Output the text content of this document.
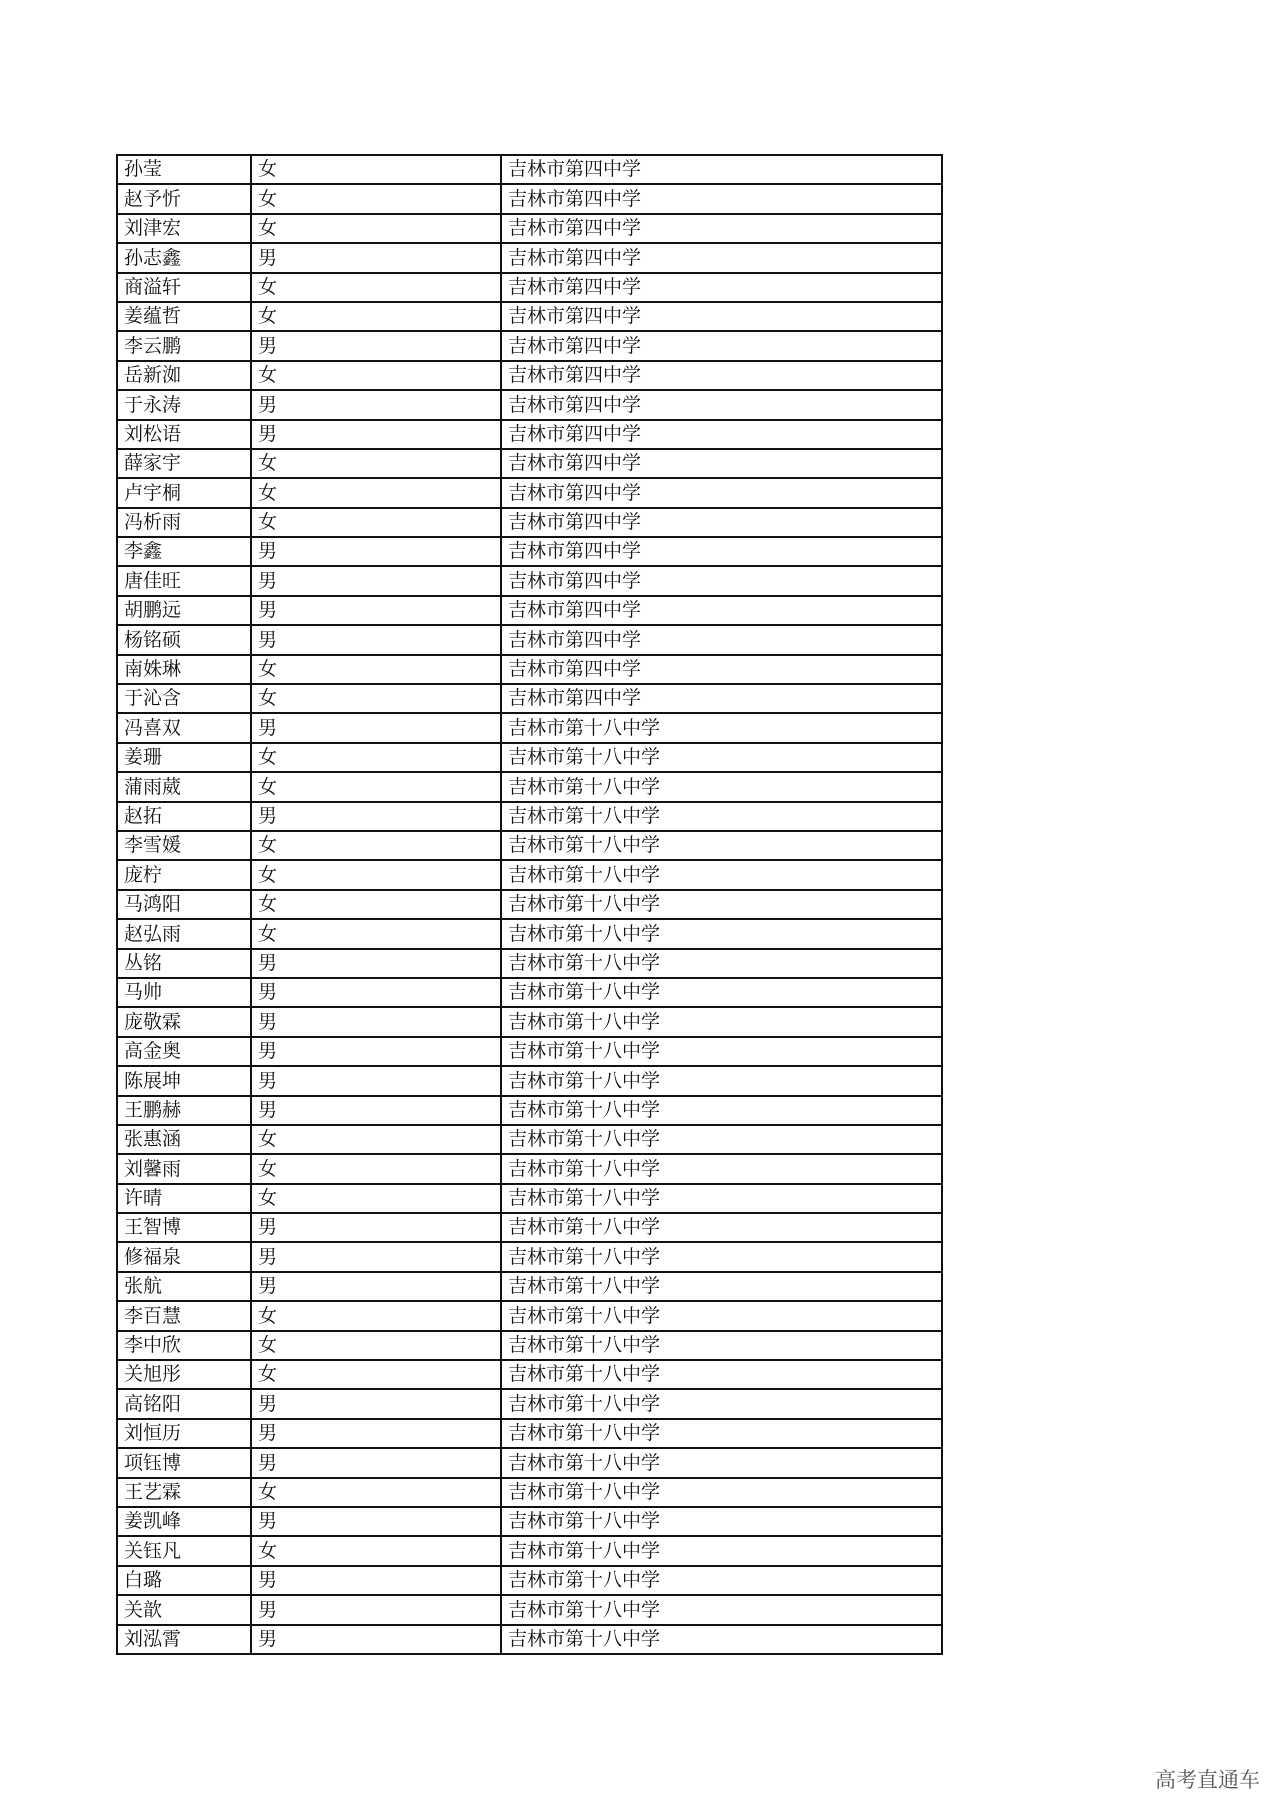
孙莹	女	吉林市第四中学
赵予忻	女	吉林市第四中学
刘津宏	女	吉林市第四中学
孙志鑫	男	吉林市第四中学
商溢轩	女	吉林市第四中学
姜蕴哲	女	吉林市第四中学
李云鹏	男	吉林市第四中学
岳新洳	女	吉林市第四中学
于永涛	男	吉林市第四中学
刘松语	男	吉林市第四中学
薛家宇	女	吉林市第四中学
卢宇桐	女	吉林市第四中学
冯析雨	女	吉林市第四中学
李鑫	男	吉林市第四中学
唐佳旺	男	吉林市第四中学
胡鹏远	男	吉林市第四中学
杨铭硕	男	吉林市第四中学
南姝琳	女	吉林市第四中学
于沁含	女	吉林市第四中学
冯喜双	男	吉林市第十八中学
姜珊	女	吉林市第十八中学
蒲雨葳	女	吉林市第十八中学
赵拓	男	吉林市第十八中学
李雪媛	女	吉林市第十八中学
庞柠	女	吉林市第十八中学
马鸿阳	女	吉林市第十八中学
赵弘雨	女	吉林市第十八中学
丛铭	男	吉林市第十八中学
马帅	男	吉林市第十八中学
庞敬霖	男	吉林市第十八中学
高金奥	男	吉林市第十八中学
陈展坤	男	吉林市第十八中学
王鹏赫	男	吉林市第十八中学
张惠涵	女	吉林市第十八中学
刘馨雨	女	吉林市第十八中学
许晴	女	吉林市第十八中学
王智博	男	吉林市第十八中学
修福泉	男	吉林市第十八中学
张航	男	吉林市第十八中学
李百慧	女	吉林市第十八中学
李中欣	女	吉林市第十八中学
关旭彤	女	吉林市第十八中学
高铭阳	男	吉林市第十八中学
刘恒历	男	吉林市第十八中学
项钰博	男	吉林市第十八中学
王艺霖	女	吉林市第十八中学
姜凯峰	男	吉林市第十八中学
关钰凡	女	吉林市第十八中学
白璐	男	吉林市第十八中学
关歆	男	吉林市第十八中学
刘泓霄	男	吉林市第十八中学
高考直通车
